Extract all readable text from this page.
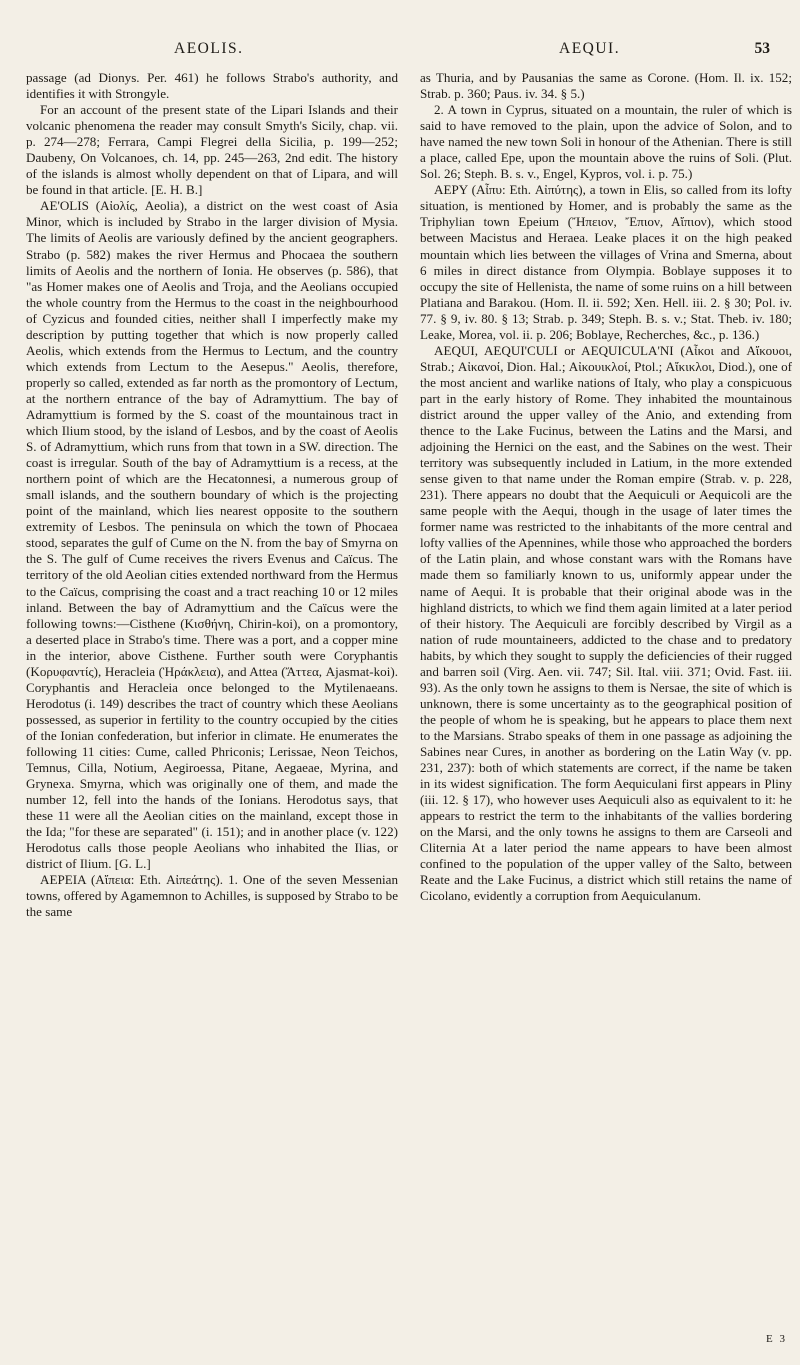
AEOLIS.	AEQUI.	53

passage (ad Dionys. Per. 461) he follows Strabo's authority, and identifies it with Strongyle.

For an account of the present state of the Lipari Islands and their volcanic phenomena the reader may consult Smyth's Sicily, chap. vii. p. 274—278; Ferrara, Campi Flegrei della Sicilia, p. 199—252; Daubeny, On Volcanoes, ch. 14, pp. 245—263, 2nd edit. The history of the islands is almost wholly dependent on that of Lipara, and will be found in that article. [E. H. B.]

AE'OLIS (Αἰολίς, Aeolia), a district on the west coast of Asia Minor, which is included by Strabo in the larger division of Mysia. The limits of Aeolis are variously defined by the ancient geographers. Strabo (p. 582) makes the river Hermus and Phocaea the southern limits of Aeolis and the northern of Ionia. He observes (p. 586), that "as Homer makes one of Aeolis and Troja, and the Aeolians occupied the whole country from the Hermus to the coast in the neighbourhood of Cyzicus and founded cities, neither shall I imperfectly make my description by putting together that which is now properly called Aeolis, which extends from the Hermus to Lectum, and the country which extends from Lectum to the Aesepus." Aeolis, therefore, properly so called, extended as far north as the promontory of Lectum, at the northern entrance of the bay of Adramyttium. The bay of Adramyttium is formed by the S. coast of the mountainous tract in which Ilium stood, by the island of Lesbos, and by the coast of Aeolis S. of Adramyttium, which runs from that town in a SW. direction. The coast is irregular. South of the bay of Adramyttium is a recess, at the northern point of which are the Hecatonnesi, a numerous group of small islands, and the southern boundary of which is the projecting point of the mainland, which lies nearest opposite to the southern extremity of Lesbos. The peninsula on which the town of Phocaea stood, separates the gulf of Cume on the N. from the bay of Smyrna on the S. The gulf of Cume receives the rivers Evenus and Caïcus. The territory of the old Aeolian cities extended northward from the Hermus to the Caïcus, comprising the coast and a tract reaching 10 or 12 miles inland. Between the bay of Adramyttium and the Caïcus were the following towns:—Cisthene (Κισθήνη, Chirin-koi), on a promontory, a deserted place in Strabo's time. There was a port, and a copper mine in the interior, above Cisthene. Further south were Coryphantis (Κορυφαντίς), Heracleia (Ἡράκλεια), and Attea (Ἄττεα, Ajasmat-koi). Coryphantis and Heracleia once belonged to the Mytilenaeans. Herodotus (i. 149) describes the tract of country which these Aeolians possessed, as superior in fertility to the country occupied by the cities of the Ionian confederation, but inferior in climate. He enumerates the following 11 cities: Cume, called Phriconis; Lerissae, Neon Teichos, Temnus, Cilla, Notium, Aegiroessa, Pitane, Aegaeae, Myrina, and Grynexa. Smyrna, which was originally one of them, and made the number 12, fell into the hands of the Ionians. Herodotus says, that these 11 were all the Aeolian cities on the mainland, except those in the Ida; "for these are separated" (i. 151); and in another place (v. 122) Herodotus calls those people Aeolians who inhabited the Ilias, or district of Ilium. [G. L.]

AEPEIA (Αἴπεια: Eth. Αἰπεάτης). 1. One of the seven Messenian towns, offered by Agamemnon to Achilles, is supposed by Strabo to be the same

as Thuria, and by Pausanias the same as Corone. (Hom. Il. ix. 152; Strab. p. 360; Paus. iv. 34. § 5.)

2. A town in Cyprus, situated on a mountain, the ruler of which is said to have removed to the plain, upon the advice of Solon, and to have named the new town Soli in honour of the Athenian. There is still a place, called Epe, upon the mountain above the ruins of Soli. (Plut. Sol. 26; Steph. B. s. v., Engel, Kypros, vol. i. p. 75.)

AEPY (Αἶπυ: Eth. Αἰπύτης), a town in Elis, so called from its lofty situation, is mentioned by Homer, and is probably the same as the Triphylian town Epeium (Ἤπειον, Ἔπιον, Αἴπιον), which stood between Macistus and Heraea. Leake places it on the high peaked mountain which lies between the villages of Vrina and Smerna, about 6 miles in direct distance from Olympia. Boblaye supposes it to occupy the site of Hellenista, the name of some ruins on a hill between Platiana and Barakou. (Hom. Il. ii. 592; Xen. Hell. iii. 2. § 30; Pol. iv. 77. § 9, iv. 80. § 13; Strab. p. 349; Steph. B. s. v.; Stat. Theb. iv. 180; Leake, Morea, vol. ii. p. 206; Boblaye, Recherches, &c., p. 136.)

AEQUI, AEQUI'CULI or AEQUICULA'NI (Αἶκοι and Αἴκουοι, Strab.; Αἰκανοί, Dion. Hal.; Αἰκουικλοί, Ptol.; Αἴκικλοι, Diod.), one of the most ancient and warlike nations of Italy, who play a conspicuous part in the early history of Rome. They inhabited the mountainous district around the upper valley of the Anio, and extending from thence to the Lake Fucinus, between the Latins and the Marsi, and adjoining the Hernici on the east, and the Sabines on the west. Their territory was subsequently included in Latium, in the more extended sense given to that name under the Roman empire (Strab. v. p. 228, 231). There appears no doubt that the Aequiculi or Aequicoli are the same people with the Aequi, though in the usage of later times the former name was restricted to the inhabitants of the more central and lofty vallies of the Apennines, while those who approached the borders of the Latin plain, and whose constant wars with the Romans have made them so familiarly known to us, uniformly appear under the name of Aequi. It is probable that their original abode was in the highland districts, to which we find them again limited at a later period of their history. The Aequiculi are forcibly described by Virgil as a nation of rude mountaineers, addicted to the chase and to predatory habits, by which they sought to supply the deficiencies of their rugged and barren soil (Virg. Aen. vii. 747; Sil. Ital. viii. 371; Ovid. Fast. iii. 93). As the only town he assigns to them is Nersae, the site of which is unknown, there is some uncertainty as to the geographical position of the people of whom he is speaking, but he appears to place them next to the Marsians. Strabo speaks of them in one passage as adjoining the Sabines near Cures, in another as bordering on the Latin Way (v. pp. 231, 237): both of which statements are correct, if the name be taken in its widest signification. The form Aequiculani first appears in Pliny (iii. 12. § 17), who however uses Aequiculi also as equivalent to it: he appears to restrict the term to the inhabitants of the vallies bordering on the Marsi, and the only towns he assigns to them are Carseoli and Cliternia At a later period the name appears to have been almost confined to the population of the upper valley of the Salto, between Reate and the Lake Fucinus, a district which still retains the name of Cicolano, evidently a corruption from Aequiculanum.

E 3
